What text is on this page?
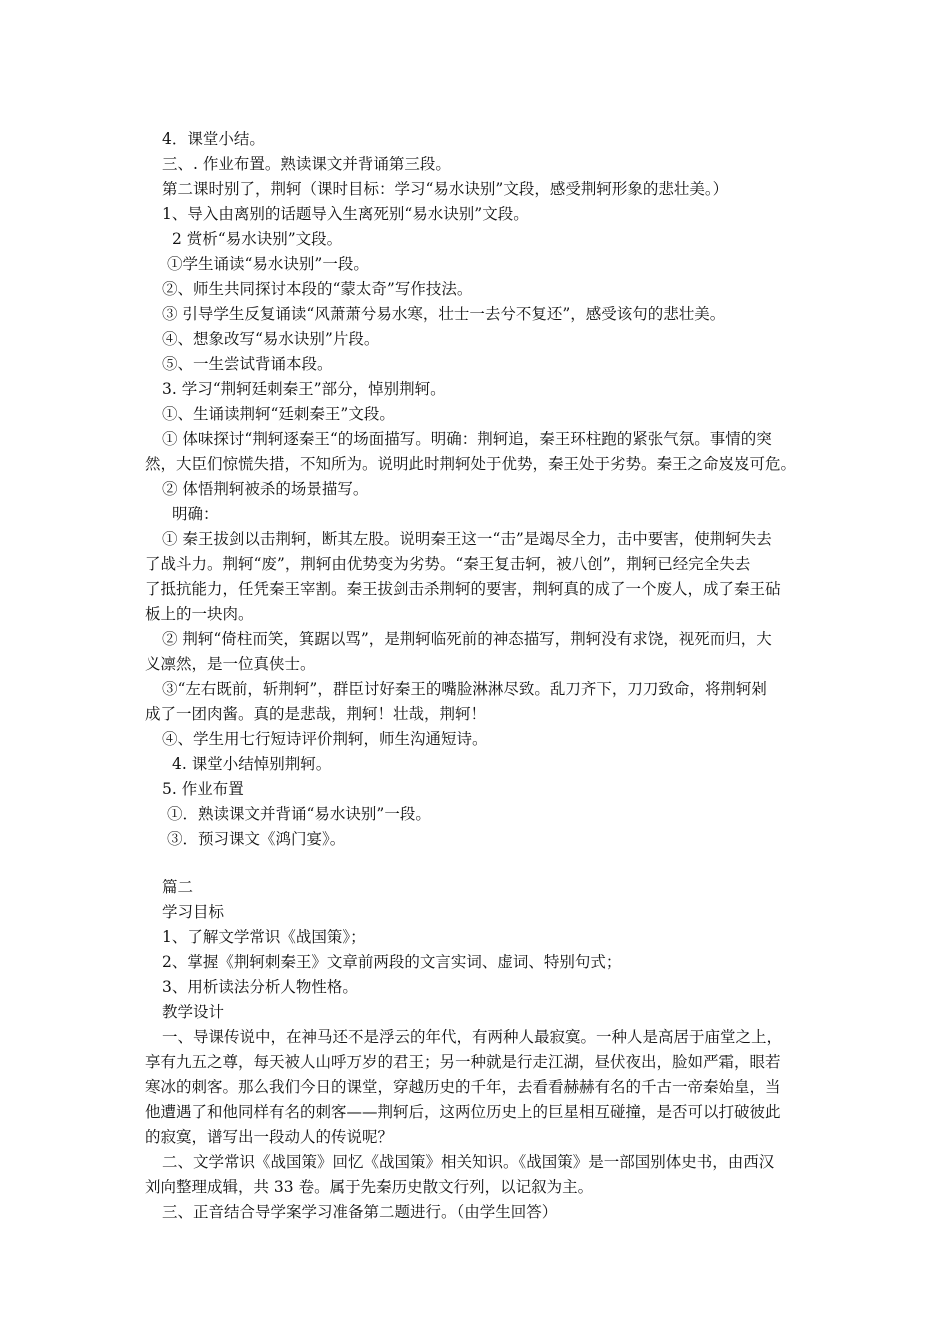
4．课堂小结。
三、. 作业布置。熟读课文并背诵第三段。
第二课时别了，荆轲（课时目标：学习“易水诀别”文段，感受荆轲形象的悲壮美。）
1、导入由离别的话题导入生离死别“易水诀别”文段。
2 赏析“易水诀别”文段。
①学生诵读“易水诀别”一段。
②、师生共同探讨本段的“蒙太奇”写作技法。
③ 引导学生反复诵读“风萧萧兮易水寒，壮士一去兮不复还”，感受该句的悲壮美。
④、想象改写“易水诀别”片段。
⑤、一生尝试背诵本段。
3. 学习“荆轲廷刺秦王”部分，悼别荆轲。
①、生诵读荆轲“廷刺秦王”文段。
① 体味探讨“荆轲逐秦王“的场面描写。明确：荆轲追，秦王环柱跑的紧张气氛。事情的突
然，大臣们惊慌失措，不知所为。说明此时荆轲处于优势，秦王处于劣势。秦王之命岌岌可危。
② 体悟荆轲被杀的场景描写。
明确：
① 秦王拔剑以击荆轲，断其左股。说明秦王这一“击”是竭尽全力，击中要害，使荆轲失去
了战斗力。荆轲“废”，荆轲由优势变为劣势。“秦王复击轲，被八创”，荆轲已经完全失去
了抵抗能力，任凭秦王宰割。秦王拔剑击杀荆轲的要害，荆轲真的成了一个废人，成了秦王砧
板上的一块肉。
② 荆轲“倚柱而笑，箕踞以骂”，是荆轲临死前的神态描写，荆轲没有求饶，视死而归，大
义凛然，是一位真侠士。
③“左右既前，斩荆轲”，群臣讨好秦王的嘴脸淋淋尽致。乱刀齐下，刀刀致命，将荆轲剁
成了一团肉酱。真的是悲哉，荆轲！壮哉，荆轲！
④、学生用七行短诗评价荆轲，师生沟通短诗。
4. 课堂小结悼别荆轲。
5. 作业布置
①．熟读课文并背诵“易水诀别”一段。
③．预习课文《鸿门宴》。
篇二
学习目标
1、了解文学常识《战国策》；
2、掌握《荆轲刺秦王》文章前两段的文言实词、虚词、特别句式；
3、用析读法分析人物性格。
教学设计
一、导课传说中，在神马还不是浮云的年代，有两种人最寂寞。一种人是高居于庙堂之上，
享有九五之尊，每天被人山呼万岁的君王；另一种就是行走江湖，昼伏夜出，脸如严霜，眼若
寒冰的刺客。那么我们今日的课堂，穿越历史的千年，去看看赫赫有名的千古一帝秦始皇，当
他遭遇了和他同样有名的刺客——荆轲后，这两位历史上的巨星相互碰撞，是否可以打破彼此
的寂寞，谱写出一段动人的传说呢？
二、文学常识《战国策》回忆《战国策》相关知识。《战国策》是一部国别体史书，由西汉
刘向整理成辑，共 33 卷。属于先秦历史散文行列，以记叙为主。
三、正音结合导学案学习准备第二题进行。（由学生回答）
